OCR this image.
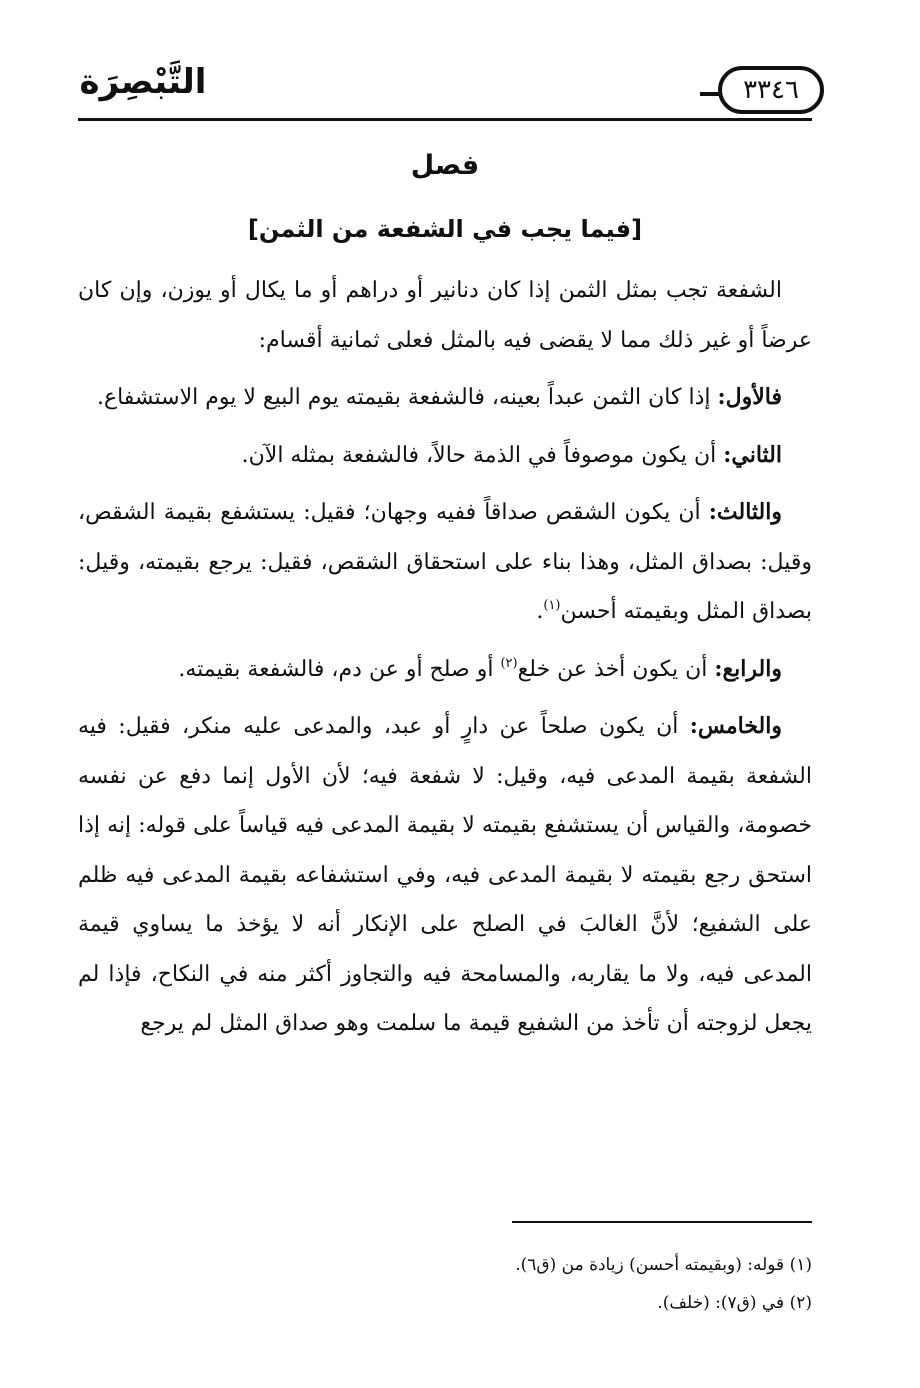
التَّبْصِرَة	٣٣٤٦
فصل
[فيما يجب في الشفعة من الثمن]

الشفعة تجب بمثل الثمن إذا كان دنانير أو دراهم أو ما يكال أو يوزن، وإن كان عرضاً أو غير ذلك مما لا يقضى فيه بالمثل فعلى ثمانية أقسام:

فالأول: إذا كان الثمن عبداً بعينه، فالشفعة بقيمته يوم البيع لا يوم الاستشفاع.

الثاني: أن يكون موصوفاً في الذمة حالاً، فالشفعة بمثله الآن.

والثالث: أن يكون الشقص صداقاً ففيه وجهان؛ فقيل: يستشفع بقيمة الشقص، وقيل: بصداق المثل، وهذا بناء على استحقاق الشقص، فقيل: يرجع بقيمته، وقيل: بصداق المثل وبقيمته أحسن$^{(١)}$.

والرابع: أن يكون أخذ عن خلع$^{(٢)}$ أو صلح أو عن دم، فالشفعة بقيمته.

والخامس: أن يكون صلحاً عن دارٍ أو عبد، والمدعى عليه منكر، فقيل: فيه الشفعة بقيمة المدعى فيه، وقيل: لا شفعة فيه؛ لأن الأول إنما دفع عن نفسه خصومة، والقياس أن يستشفع بقيمته لا بقيمة المدعى فيه قياساً على قوله: إنه إذا استحق رجع بقيمته لا بقيمة المدعى فيه، وفي استشفاعه بقيمة المدعى فيه ظلم على الشفيع؛ لأنَّ الغالبَ في الصلح على الإنكار أنه لا يؤخذ ما يساوي قيمة المدعى فيه، ولا ما يقاربه، والمسامحة فيه والتجاوز أكثر منه في النكاح، فإذا لم يجعل لزوجته أن تأخذ من الشفيع قيمة ما سلمت وهو صداق المثل لم يرجع

(١) قوله: (وبقيمته أحسن) زيادة من (ق٦).

(٢) في (ق٧): (خلف).
